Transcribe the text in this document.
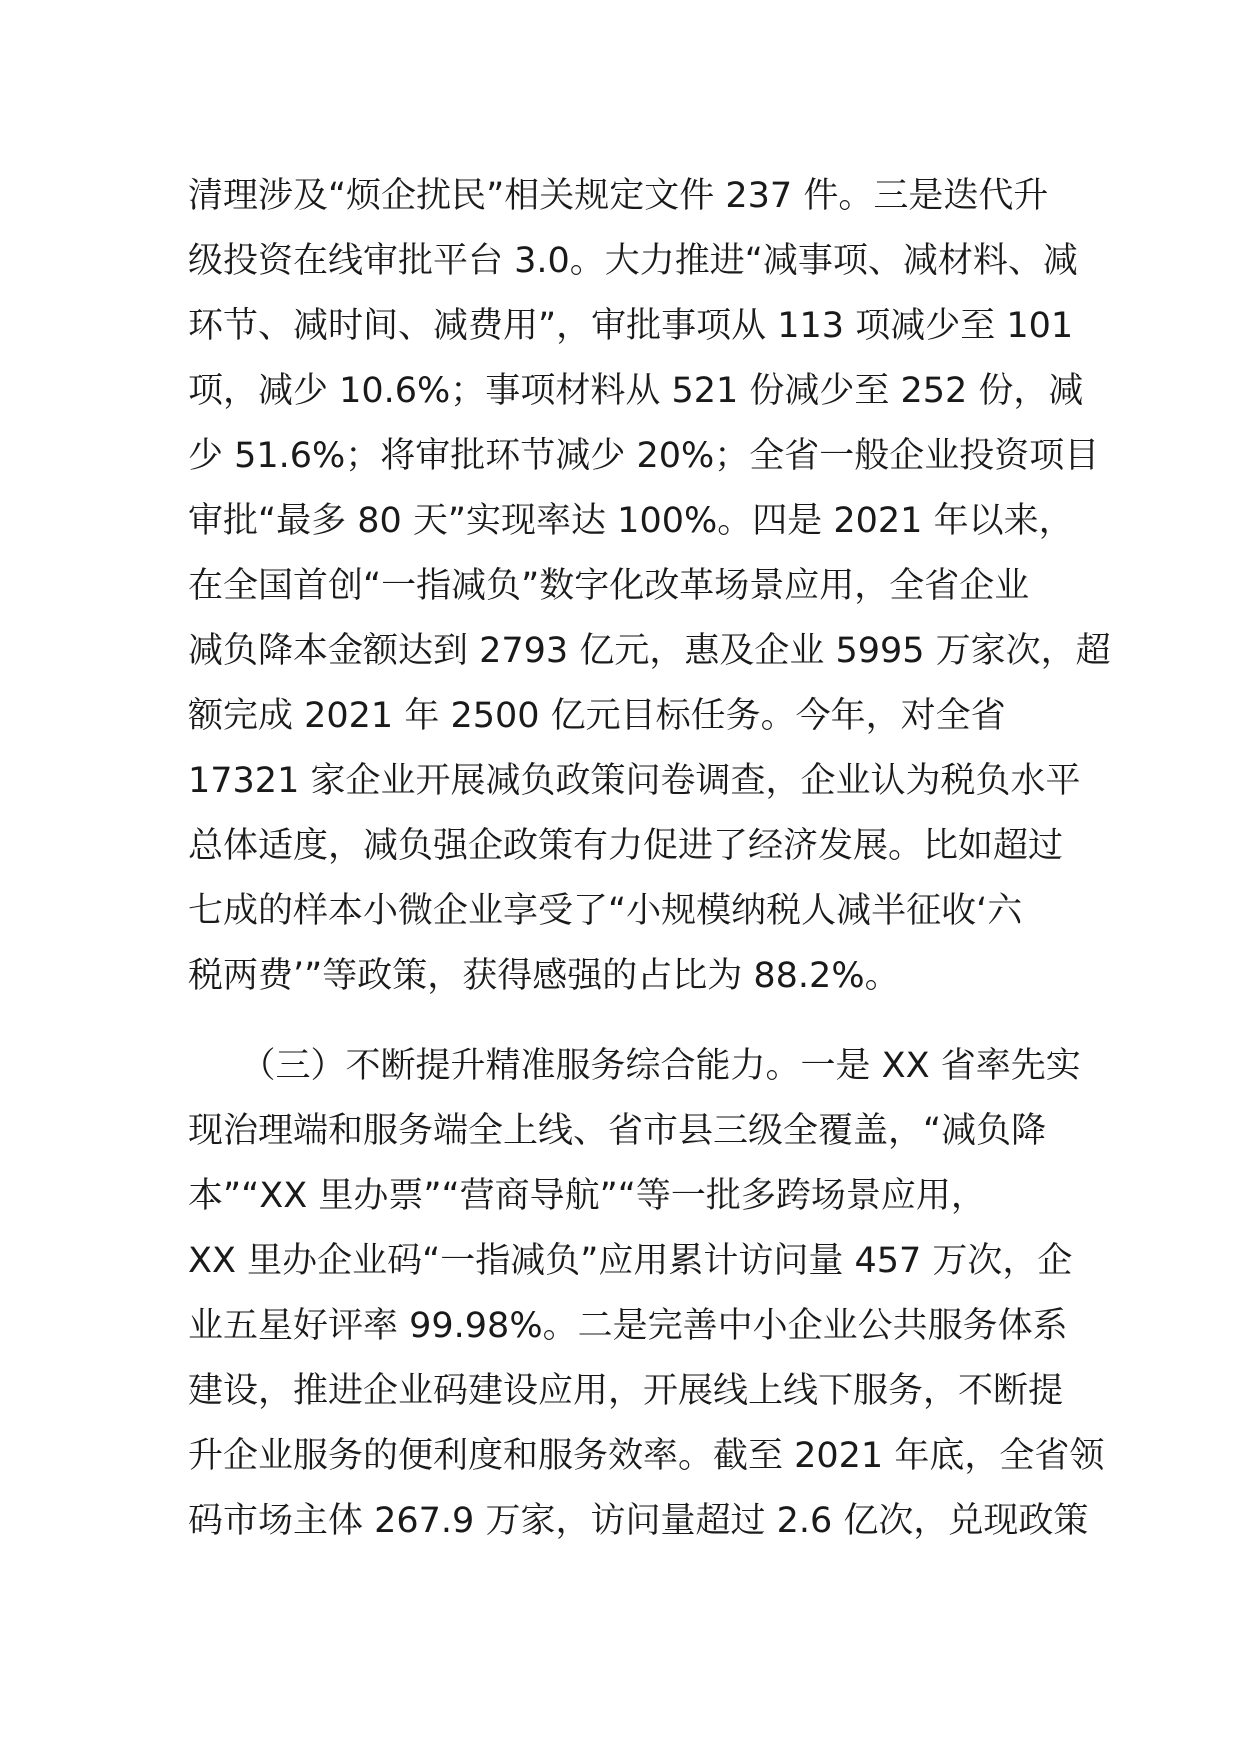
清理涉及“烦企扰民”相关规定文件 237 件。三是迭代升
级投资在线审批平台 3.0。大力推进“减事项、减材料、减
环节、减时间、减费用”，审批事项从 113 项减少至 101
项，减少 10.6%；事项材料从 521 份减少至 252 份，减
少 51.6%；将审批环节减少 20%；全省一般企业投资项目
审批“最多 80 天”实现率达 100%。四是 2021 年以来，
在全国首创“一指减负”数字化改革场景应用，全省企业
减负降本金额达到 2793 亿元，惠及企业 5995 万家次，超
额完成 2021 年 2500 亿元目标任务。今年，对全省
17321 家企业开展减负政策问卷调查，企业认为税负水平
总体适度，减负强企政策有力促进了经济发展。比如超过
七成的样本小微企业享受了“小规模纳税人减半征收‘六
税两费’”等政策，获得感强的占比为 88.2%。
　　（三）不断提升精准服务综合能力。一是 XX 省率先实
现治理端和服务端全上线、省市县三级全覆盖，“减负降
本”“XX 里办票”“营商导航”“等一批多跨场景应用，
XX 里办企业码“一指减负”应用累计访问量 457 万次，企
业五星好评率 99.98%。二是完善中小企业公共服务体系
建设，推进企业码建设应用，开展线上线下服务，不断提
升企业服务的便利度和服务效率。截至 2021 年底，全省领
码市场主体 267.9 万家，访问量超过 2.6 亿次，兑现政策
